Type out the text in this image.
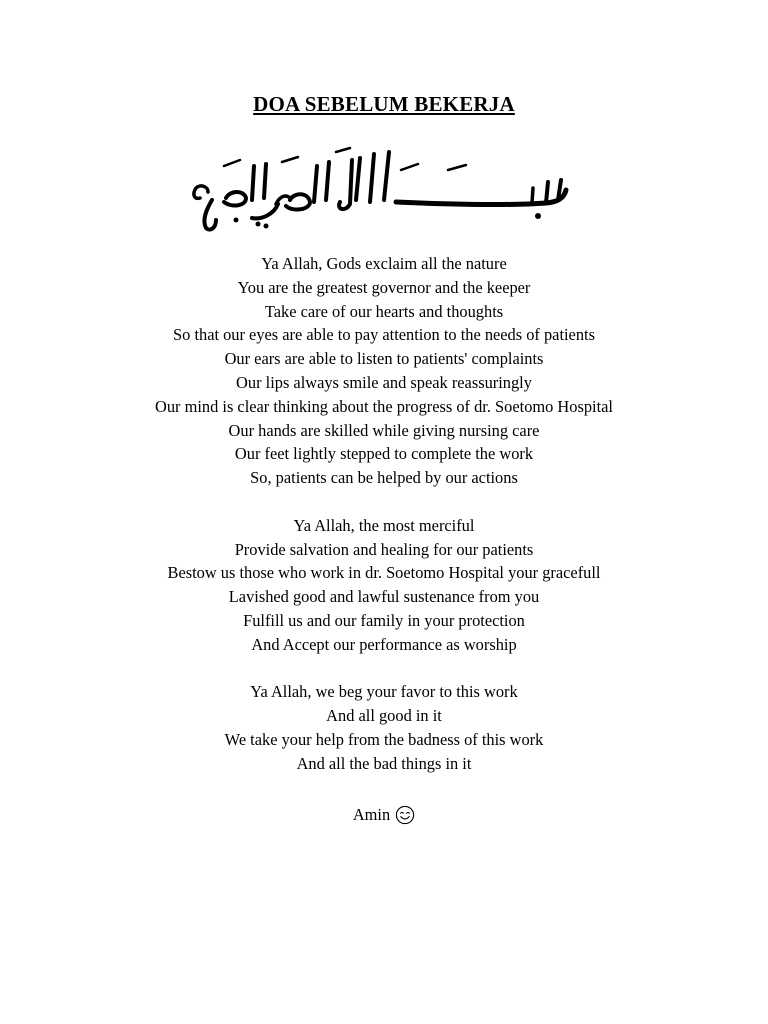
DOA SEBELUM BEKERJA
Ya Allah, Gods exclaim all the nature
You are the greatest governor and the keeper
Take care of our hearts and thoughts
So that our eyes are able to pay attention to the needs of patients
Our ears are able to listen to patients' complaints
Our lips always smile and speak reassuringly
Our mind is clear thinking about the progress of dr. Soetomo Hospital
Our hands are skilled while giving nursing care
Our feet lightly stepped to complete the work
So, patients can be helped by our actions
Ya Allah, the most merciful
Provide salvation and healing for our patients
Bestow us those who work in dr. Soetomo Hospital your gracefull
Lavished good and lawful sustenance from you
Fulfill us and our family in your protection
And Accept our performance as worship
Ya Allah, we beg your favor to this work
And all good in it
We take your help from the badness of this work
And all the bad things in it
Amin
